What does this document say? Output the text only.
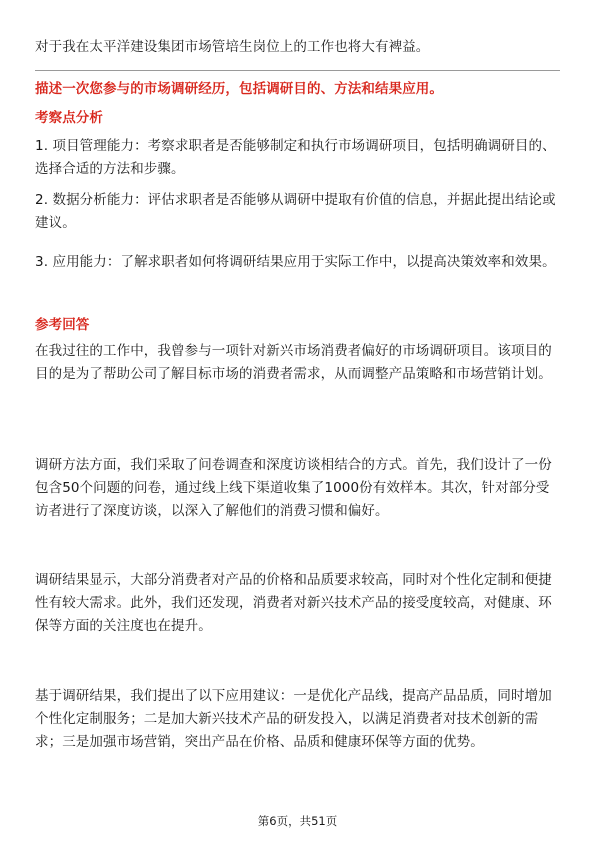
对于我在太平洋建设集团市场管培生岗位上的工作也将大有裨益。

描述一次您参与的市场调研经历，包括调研目的、方法和结果应用。

考察点分析

1. 项目管理能力：考察求职者是否能够制定和执行市场调研项目，包括明确调研目的、选择合适的方法和步骤。

2. 数据分析能力：评估求职者是否能够从调研中提取有价值的信息，并据此提出结论或建议。

3. 应用能力：了解求职者如何将调研结果应用于实际工作中，以提高决策效率和效果。

参考回答

在我过往的工作中，我曾参与一项针对新兴市场消费者偏好的市场调研项目。该项目的目的是为了帮助公司了解目标市场的消费者需求，从而调整产品策略和市场营销计划。

调研方法方面，我们采取了问卷调查和深度访谈相结合的方式。首先，我们设计了一份包含50个问题的问卷，通过线上线下渠道收集了1000份有效样本。其次，针对部分受访者进行了深度访谈，以深入了解他们的消费习惯和偏好。

调研结果显示，大部分消费者对产品的价格和品质要求较高，同时对个性化定制和便捷性有较大需求。此外，我们还发现，消费者对新兴技术产品的接受度较高，对健康、环保等方面的关注度也在提升。

基于调研结果，我们提出了以下应用建议：一是优化产品线，提高产品品质，同时增加个性化定制服务；二是加大新兴技术产品的研发投入，以满足消费者对技术创新的需求；三是加强市场营销，突出产品在价格、品质和健康环保等方面的优势。

第6页，共51页
